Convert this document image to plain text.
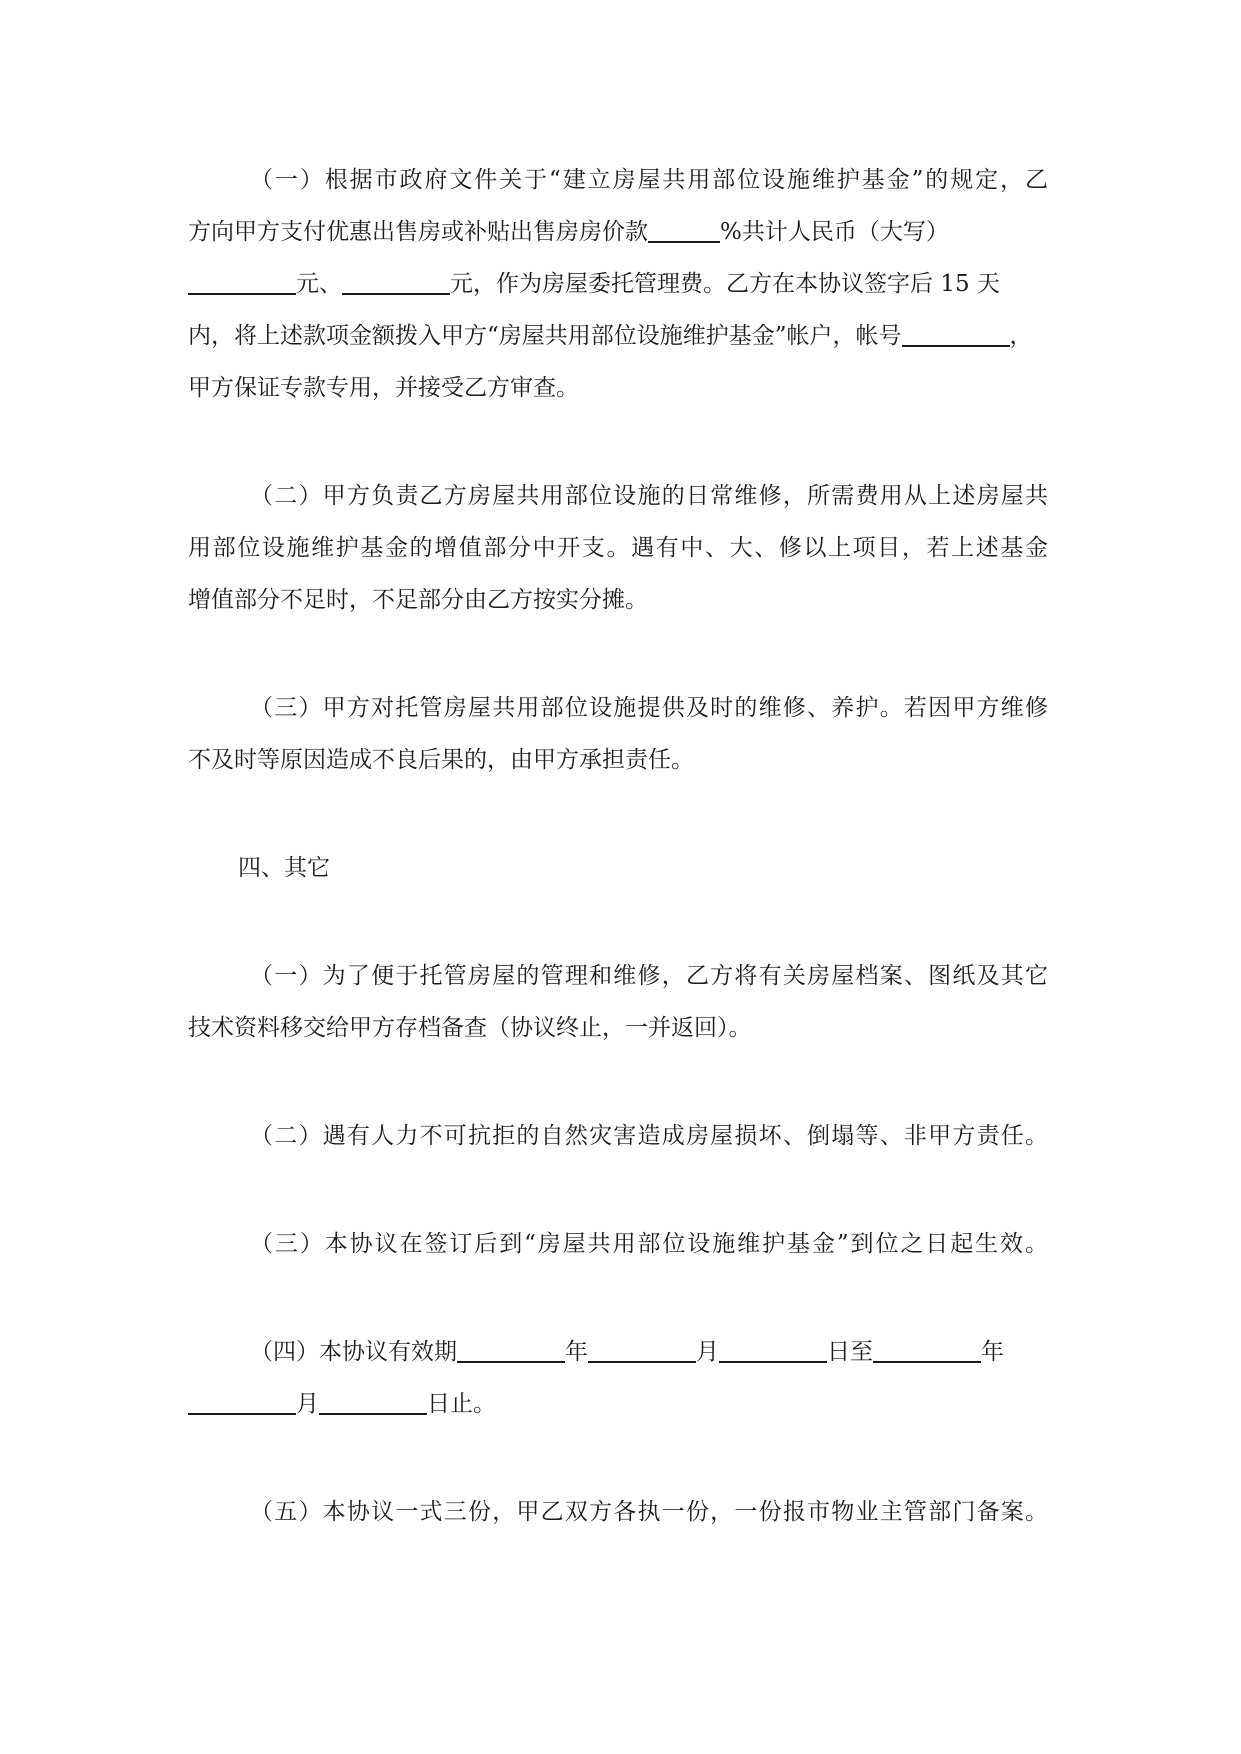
（一）根据市政府文件关于“建立房屋共用部位设施维护基金”的规定，乙
方向甲方支付优惠出售房或补贴出售房房价款	%共计人民币（大写）
元、	元，作为房屋委托管理费。乙方在本协议签字后 15 天
内，将上述款项金额拨入甲方“房屋共用部位设施维护基金”帐户，帐号	，
甲方保证专款专用，并接受乙方审查。
（二）甲方负责乙方房屋共用部位设施的日常维修，所需费用从上述房屋共
用部位设施维护基金的增值部分中开支。遇有中、大、修以上项目，若上述基金
增值部分不足时，不足部分由乙方按实分摊。
（三）甲方对托管房屋共用部位设施提供及时的维修、养护。若因甲方维修
不及时等原因造成不良后果的，由甲方承担责任。
四、其它
（一）为了便于托管房屋的管理和维修，乙方将有关房屋档案、图纸及其它
技术资料移交给甲方存档备查（协议终止，一并返回）。
（二）遇有人力不可抗拒的自然灾害造成房屋损坏、倒塌等、非甲方责任。
（三）本协议在签订后到“房屋共用部位设施维护基金”到位之日起生效。
（四）本协议有效期	年	月	日至	年
月	日止。
（五）本协议一式三份，甲乙双方各执一份，一份报市物业主管部门备案。
